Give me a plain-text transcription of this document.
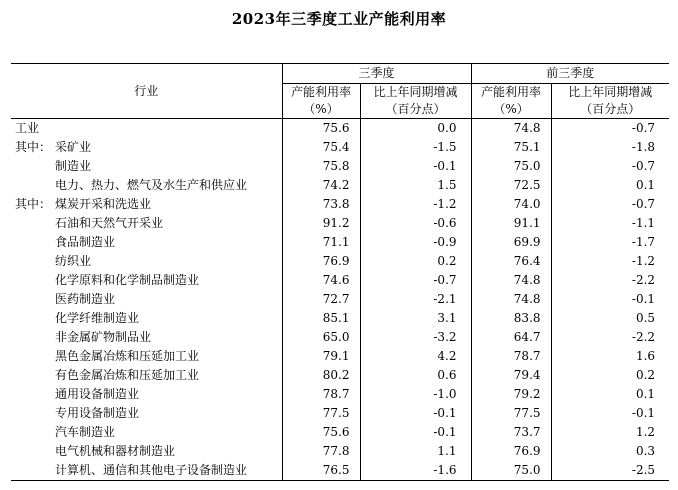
2023年三季度工业产能利用率
行业	三季度		前三季度	
	产能利用率	比上年同期增减	产能利用率	比上年同期增减
	（%）	（百分点）	（%）	（百分点）
工业	75.6	0.0	74.8	-0.7
其中： 采矿业	75.4	-1.5	75.1	-1.8
制造业	75.8	-0.1	75.0	-0.7
电力、热力、燃气及水生产和供应业	74.2	1.5	72.5	0.1
其中： 煤炭开采和洗选业	73.8	-1.2	74.0	-0.7
石油和天然气开采业	91.2	-0.6	91.1	-1.1
食品制造业	71.1	-0.9	69.9	-1.7
纺织业	76.9	0.2	76.4	-1.2
化学原料和化学制品制造业	74.6	-0.7	74.8	-2.2
医药制造业	72.7	-2.1	74.8	-0.1
化学纤维制造业	85.1	3.1	83.8	0.5
非金属矿物制品业	65.0	-3.2	64.7	-2.2
黑色金属冶炼和压延加工业	79.1	4.2	78.7	1.6
有色金属冶炼和压延加工业	80.2	0.6	79.4	0.2
通用设备制造业	78.7	-1.0	79.2	0.1
专用设备制造业	77.5	-0.1	77.5	-0.1
汽车制造业	75.6	-0.1	73.7	1.2
电气机械和器材制造业	77.8	1.1	76.9	0.3
计算机、通信和其他电子设备制造业	76.5	-1.6	75.0	-2.5
